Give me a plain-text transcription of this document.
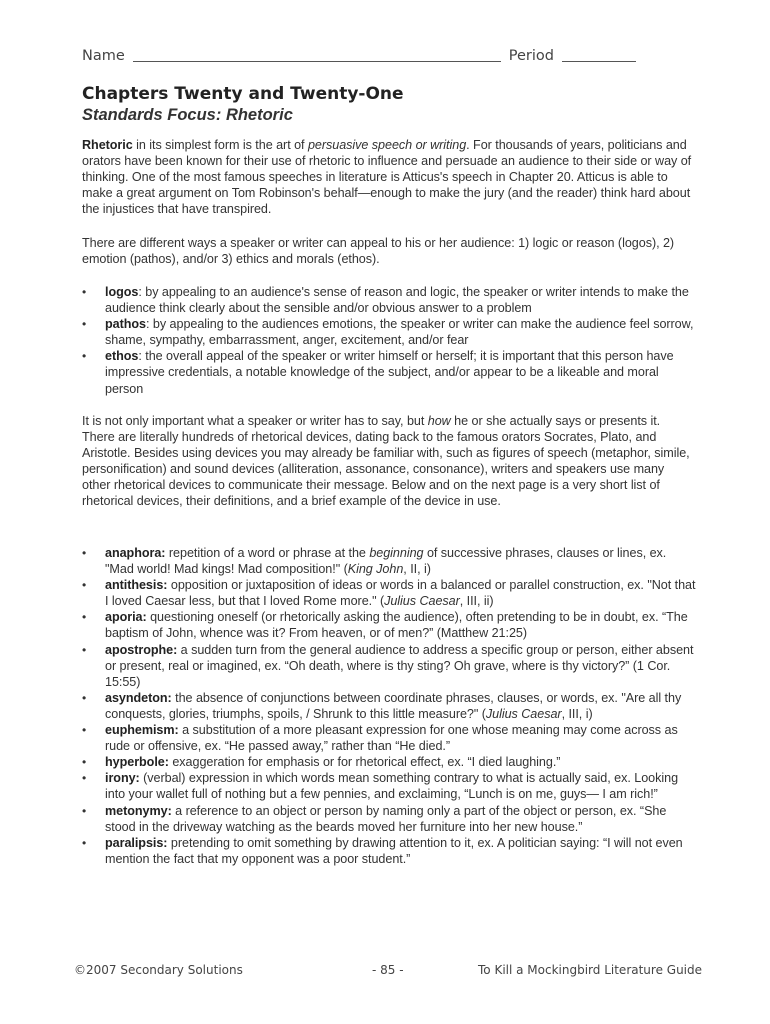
Name	Period
Chapters Twenty and Twenty-One
Standards Focus: Rhetoric

Rhetoric in its simplest form is the art of persuasive speech or writing. For thousands of years, politicians and orators have been known for their use of rhetoric to influence and persuade an audience to their side or way of thinking. One of the most famous speeches in literature is Atticus's speech in Chapter 20. Atticus is able to make a great argument on Tom Robinson's behalf—enough to make the jury (and the reader) think hard about the injustices that have transpired.

There are different ways a speaker or writer can appeal to his or her audience: 1) logic or reason (logos), 2) emotion (pathos), and/or 3) ethics and morals (ethos).

• logos: by appealing to an audience's sense of reason and logic, the speaker or writer intends to make the audience think clearly about the sensible and/or obvious answer to a problem
• pathos: by appealing to the audiences emotions, the speaker or writer can make the audience feel sorrow, shame, sympathy, embarrassment, anger, excitement, and/or fear
• ethos: the overall appeal of the speaker or writer himself or herself; it is important that this person have impressive credentials, a notable knowledge of the subject, and/or appear to be a likeable and moral person

It is not only important what a speaker or writer has to say, but how he or she actually says or presents it. There are literally hundreds of rhetorical devices, dating back to the famous orators Socrates, Plato, and Aristotle. Besides using devices you may already be familiar with, such as figures of speech (metaphor, simile, personification) and sound devices (alliteration, assonance, consonance), writers and speakers use many other rhetorical devices to communicate their message. Below and on the next page is a very short list of rhetorical devices, their definitions, and a brief example of the device in use.

• anaphora: repetition of a word or phrase at the beginning of successive phrases, clauses or lines, ex. "Mad world! Mad kings! Mad composition!" (King John, II, i)
• antithesis: opposition or juxtaposition of ideas or words in a balanced or parallel construction, ex. "Not that I loved Caesar less, but that I loved Rome more." (Julius Caesar, III, ii)
• aporia: questioning oneself (or rhetorically asking the audience), often pretending to be in doubt, ex. “The baptism of John, whence was it? From heaven, or of men?” (Matthew 21:25)
• apostrophe: a sudden turn from the general audience to address a specific group or person, either absent or present, real or imagined, ex. “Oh death, where is thy sting? Oh grave, where is thy victory?” (1 Cor. 15:55)
• asyndeton: the absence of conjunctions between coordinate phrases, clauses, or words, ex. "Are all thy conquests, glories, triumphs, spoils, / Shrunk to this little measure?" (Julius Caesar, III, i)
• euphemism: a substitution of a more pleasant expression for one whose meaning may come across as rude or offensive, ex. “He passed away,” rather than “He died.”
• hyperbole: exaggeration for emphasis or for rhetorical effect, ex. “I died laughing.”
• irony: (verbal) expression in which words mean something contrary to what is actually said, ex. Looking into your wallet full of nothing but a few pennies, and exclaiming, “Lunch is on me, guys— I am rich!”
• metonymy: a reference to an object or person by naming only a part of the object or person, ex. “She stood in the driveway watching as the beards moved her furniture into her new house.”
• paralipsis: pretending to omit something by drawing attention to it, ex. A politician saying: “I will not even mention the fact that my opponent was a poor student.”
©2007 Secondary Solutions	- 85 -	To Kill a Mockingbird Literature Guide
